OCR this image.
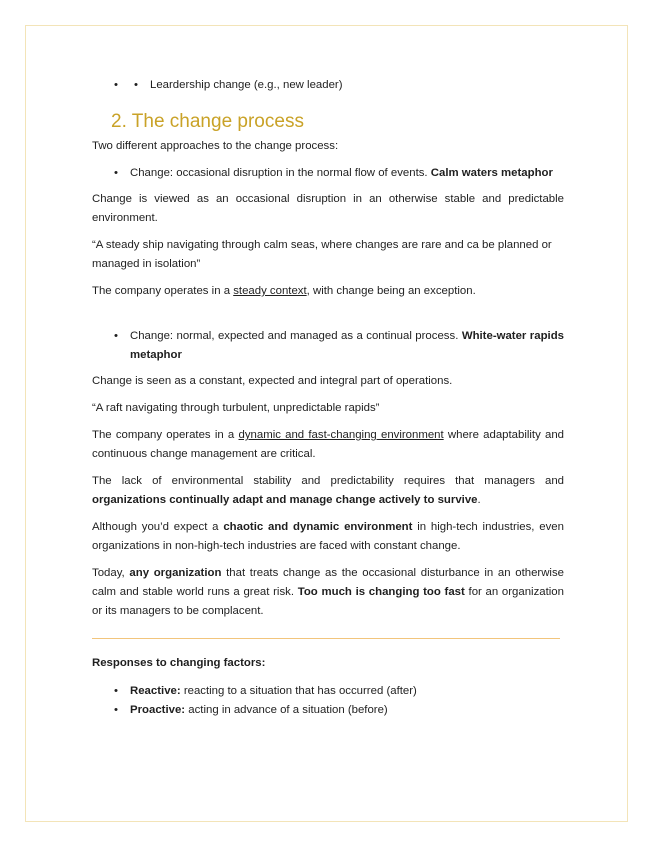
• • Leardership change (e.g., new leader)
2. The change process

Two different approaches to the change process:

• Change: occasional disruption in the normal flow of events. Calm waters metaphor

Change is viewed as an occasional disruption in an otherwise stable and predictable environment.

“A steady ship navigating through calm seas, where changes are rare and ca be planned or managed in isolation”

The company operates in a steady context, with change being an exception.

• Change: normal, expected and managed as a continual process. White-water rapids metaphor

Change is seen as a constant, expected and integral part of operations.

“A raft navigating through turbulent, unpredictable rapids”

The company operates in a dynamic and fast-changing environment where adaptability and continuous change management are critical.

The lack of environmental stability and predictability requires that managers and organizations continually adapt and manage change actively to survive.

Although you’d expect a chaotic and dynamic environment in high-tech industries, even organizations in non-high-tech industries are faced with constant change.

Today, any organization that treats change as the occasional disturbance in an otherwise calm and stable world runs a great risk. Too much is changing too fast for an organization or its managers to be complacent.

Responses to changing factors:

• Reactive: reacting to a situation that has occurred (after)
• Proactive: acting in advance of a situation (before)
